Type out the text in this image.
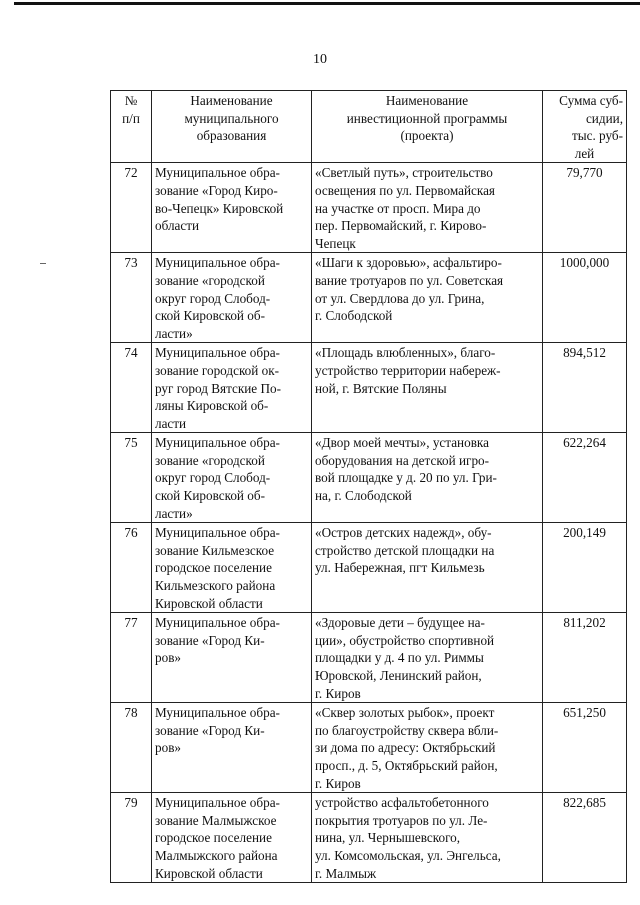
10
№
п/п	Наименование
муниципального
образования	Наименование
инвестиционной программы
(проекта)	Сумма суб-
сидии,
тыс. руб-
лей

72	Муниципальное обра-
зование «Город Киро-
во-Чепецк» Кировской
области	«Светлый путь», строительство
освещения по ул. Первомайская
на участке от просп. Мира до
пер. Первомайский, г. Кирово-
Чепецк	79,770
73	Муниципальное обра-
зование «городской
округ город Слобод-
ской Кировской об-
ласти»	«Шаги к здоровью», асфальтиро-
вание тротуаров по ул. Советская
от ул. Свердлова до ул. Грина,
г. Слободской	1000,000
74	Муниципальное обра-
зование городской ок-
руг город Вятские По-
ляны Кировской об-
ласти	«Площадь влюбленных», благо-
устройство территории набереж-
ной, г. Вятские Поляны	894,512
75	Муниципальное обра-
зование «городской
округ город Слобод-
ской Кировской об-
ласти»	«Двор моей мечты», установка
оборудования на детской игро-
вой площадке у д. 20 по ул. Гри-
на, г. Слободской	622,264
76	Муниципальное обра-
зование Кильмезское
городское поселение
Кильмезского района
Кировской области	«Остров детских надежд», обу-
стройство детской площадки на
ул. Набережная, пгт Кильмезь	200,149
77	Муниципальное обра-
зование «Город Ки-
ров»	«Здоровые дети – будущее на-
ции», обустройство спортивной
площадки у д. 4 по ул. Риммы
Юровской, Ленинский район,
г. Киров	811,202
78	Муниципальное обра-
зование «Город Ки-
ров»	«Сквер золотых рыбок», проект
по благоустройству сквера вбли-
зи дома по адресу: Октябрьский
просп., д. 5, Октябрьский район,
г. Киров	651,250
79	Муниципальное обра-
зование Малмыжское
городское поселение
Малмыжского района
Кировской области	устройство асфальтобетонного
покрытия тротуаров по ул. Ле-
нина, ул. Чернышевского,
ул. Комсомольская, ул. Энгельса,
г. Малмыж	822,685
